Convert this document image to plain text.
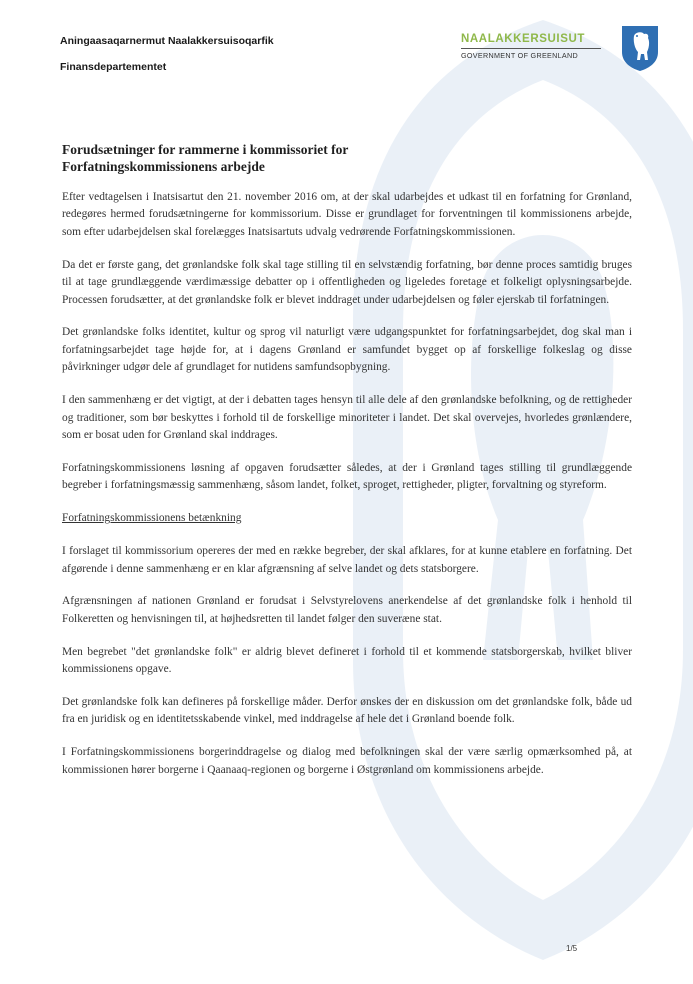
Aningaasaqarnermut Naalakkersuisoqarfik
Finansdepartementet
NAALAKKERSUISUT
GOVERNMENT OF GREENLAND
Forudsætninger for rammerne i kommissoriet for Forfatningskommissionens arbejde

Efter vedtagelsen i Inatsisartut den 21. november 2016 om, at der skal udarbejdes et udkast til en forfatning for Grønland, redegøres hermed forudsætningerne for kommissorium. Disse er grundlaget for forventningen til kommissionens arbejde, som efter udarbejdelsen skal forelægges Inatsisartuts udvalg vedrørende Forfatningskommissionen.

Da det er første gang, det grønlandske folk skal tage stilling til en selvstændig forfatning, bør denne proces samtidig bruges til at tage grundlæggende værdimæssige debatter op i offentligheden og ligeledes foretage et folkeligt oplysningsarbejde. Processen forudsætter, at det grønlandske folk er blevet inddraget under udarbejdelsen og føler ejerskab til forfatningen.

Det grønlandske folks identitet, kultur og sprog vil naturligt være udgangspunktet for forfatningsarbejdet, dog skal man i forfatningsarbejdet tage højde for, at i dagens Grønland er samfundet bygget op af forskellige folkeslag og disse påvirkninger udgør dele af grundlaget for nutidens samfundsopbygning.

I den sammenhæng er det vigtigt, at der i debatten tages hensyn til alle dele af den grønlandske befolkning, og de rettigheder og traditioner, som bør beskyttes i forhold til de forskellige minoriteter i landet. Det skal overvejes, hvorledes grønlændere, som er bosat uden for Grønland skal inddrages.

Forfatningskommissionens løsning af opgaven forudsætter således, at der i Grønland tages stilling til grundlæggende begreber i forfatningsmæssig sammenhæng, såsom landet, folket, sproget, rettigheder, pligter, forvaltning og styreform.

Forfatningskommissionens betænkning

I forslaget til kommissorium opereres der med en række begreber, der skal afklares, for at kunne etablere en forfatning. Det afgørende i denne sammenhæng er en klar afgrænsning af selve landet og dets statsborgere.

Afgrænsningen af nationen Grønland er forudsat i Selvstyrelovens anerkendelse af det grønlandske folk i henhold til Folkeretten og henvisningen til, at højhedsretten til landet følger den suveræne stat.

Men begrebet "det grønlandske folk" er aldrig blevet defineret i forhold til et kommende statsborgerskab, hvilket bliver kommissionens opgave.

Det grønlandske folk kan defineres på forskellige måder. Derfor ønskes der en diskussion om det grønlandske folk, både ud fra en juridisk og en identitetsskabende vinkel, med inddragelse af hele det i Grønland boende folk.

I Forfatningskommissionens borgerinddragelse og dialog med befolkningen skal der være særlig opmærksomhed på, at kommissionen hører borgerne i Qaanaaq-regionen og borgerne i Østgrønland om kommissionens arbejde.

1/5
